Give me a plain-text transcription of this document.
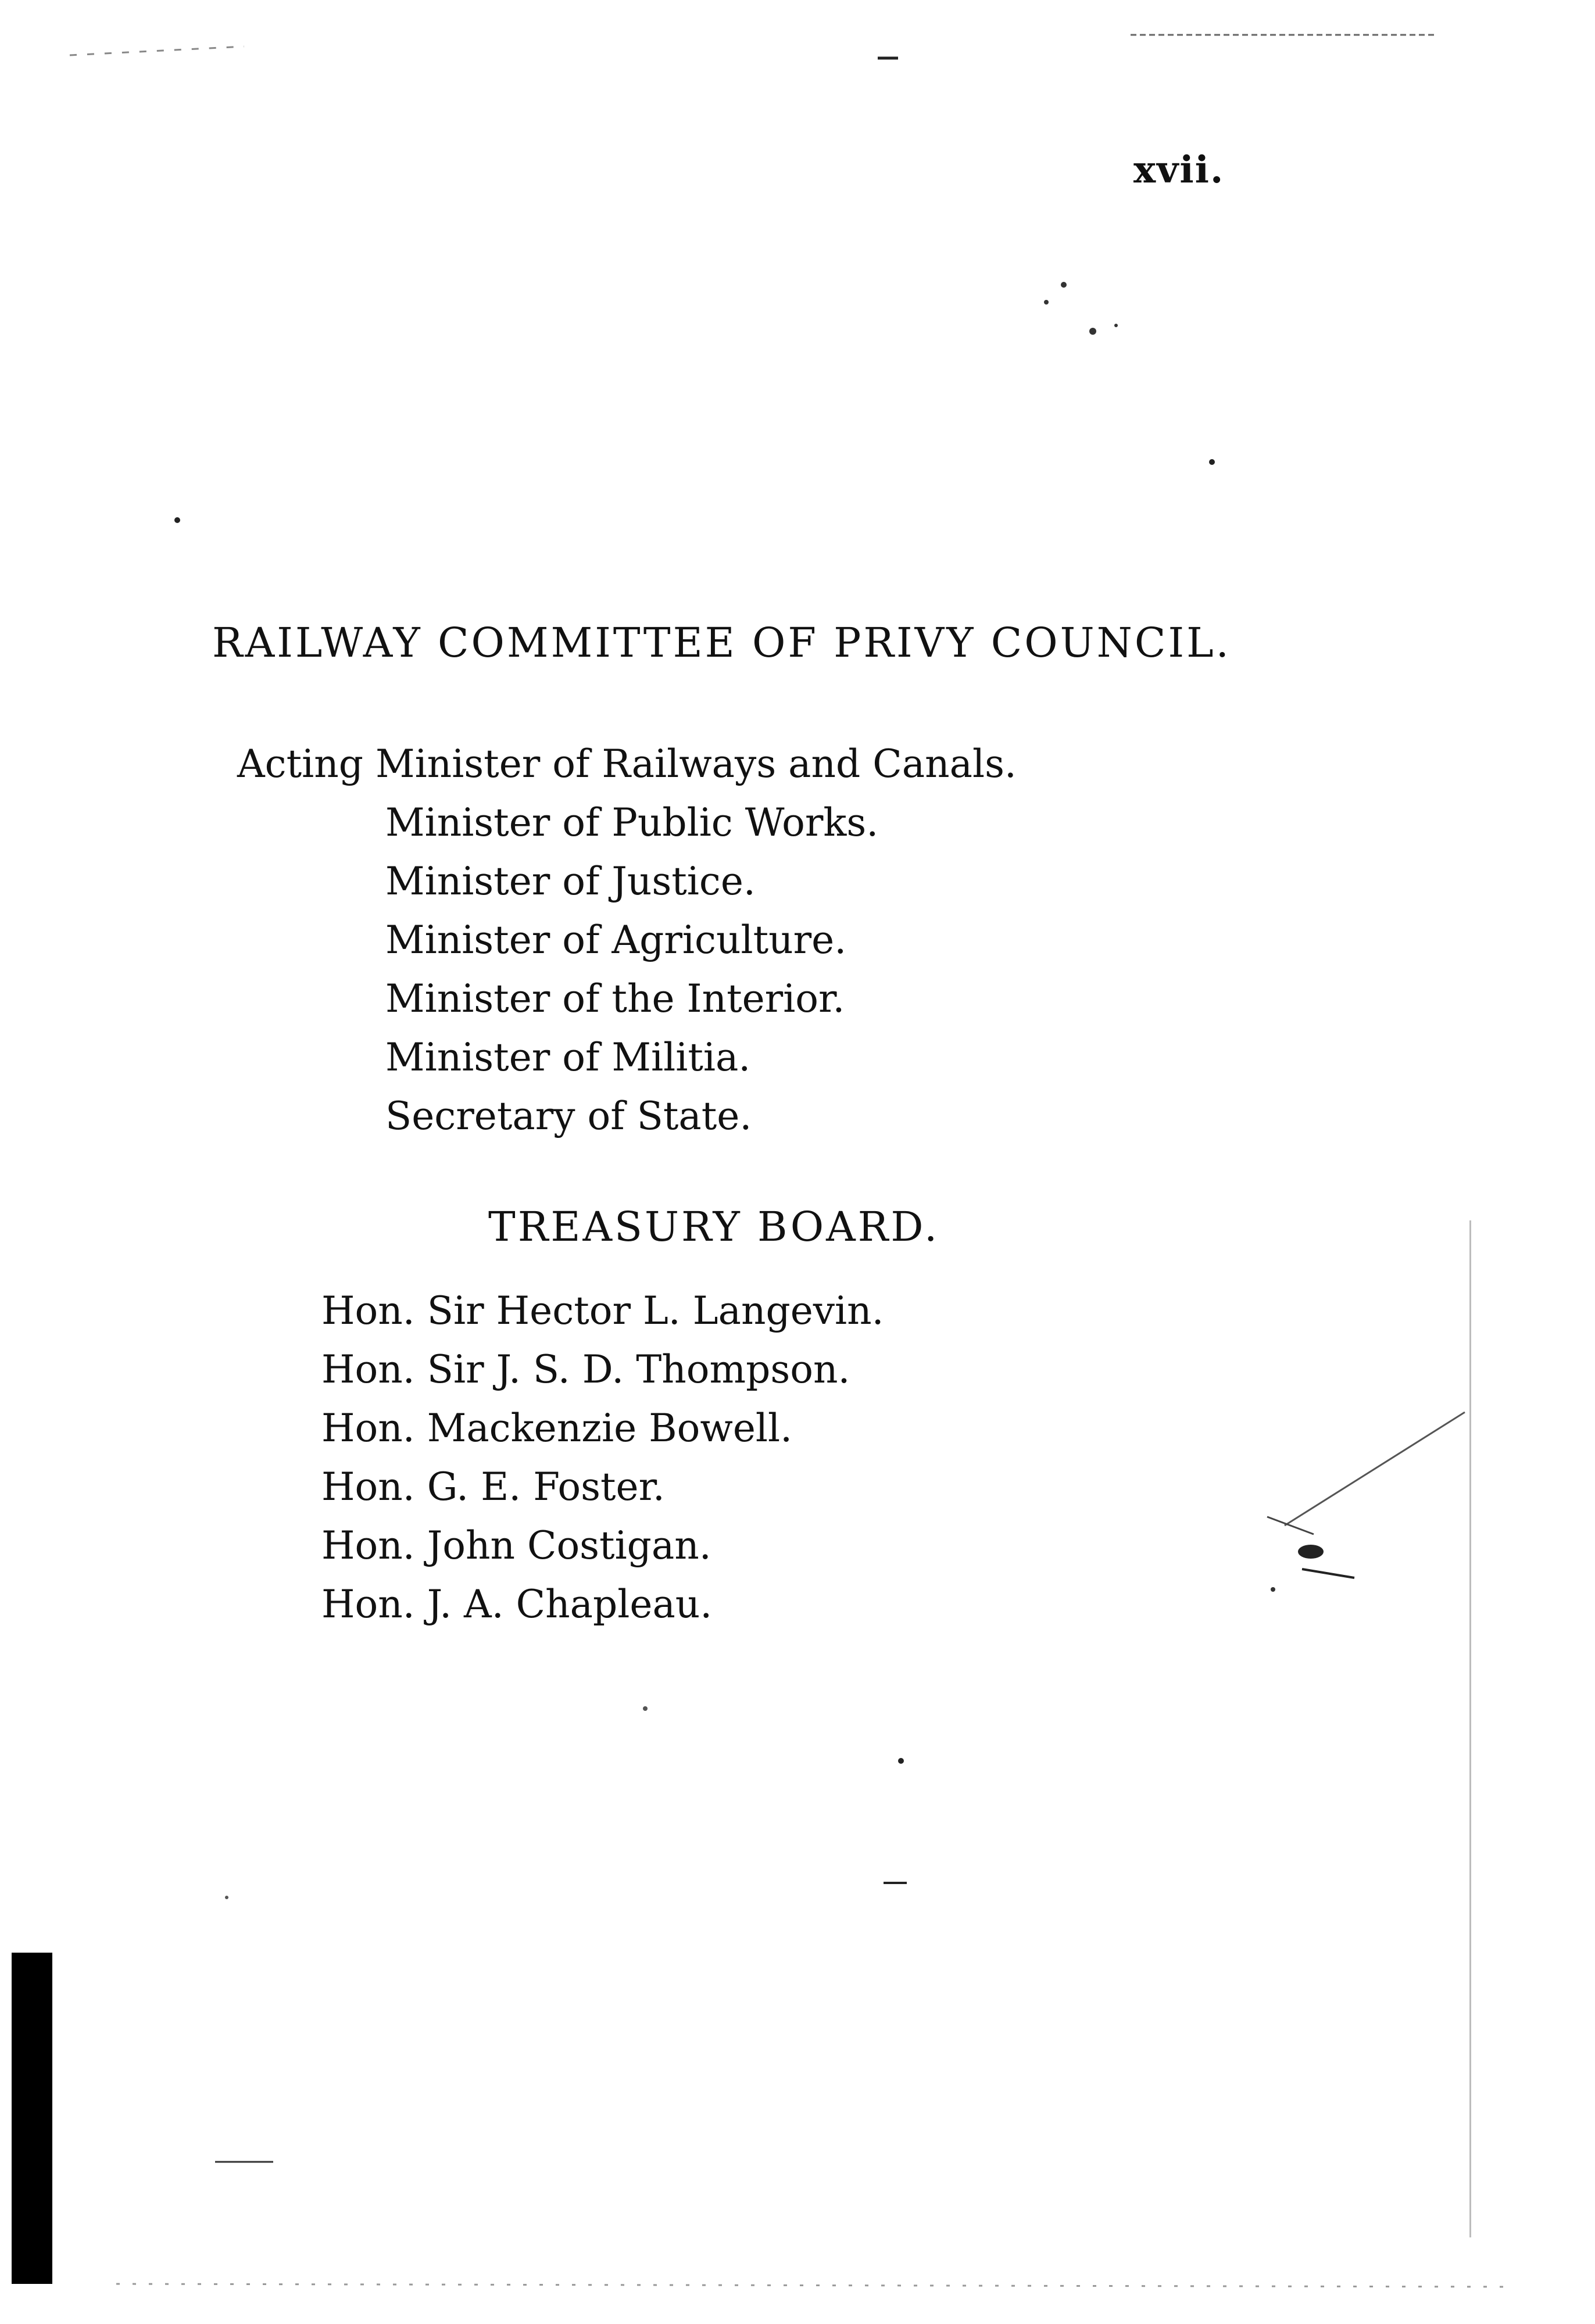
xvii.

RAILWAY COMMITTEE OF PRIVY COUNCIL.
Acting Minister of Railways and Canals.
Minister of Public Works.
Minister of Justice.
Minister of Agriculture.
Minister of the Interior.
Minister of Militia.
Secretary of State.
TREASURY BOARD.
Hon. Sir Hector L. Langevin.
Hon. Sir J. S. D. Thompson.
Hon. Mackenzie Bowell.
Hon. G. E. Foster.
Hon. John Costigan.
Hon. J. A. Chapleau.
